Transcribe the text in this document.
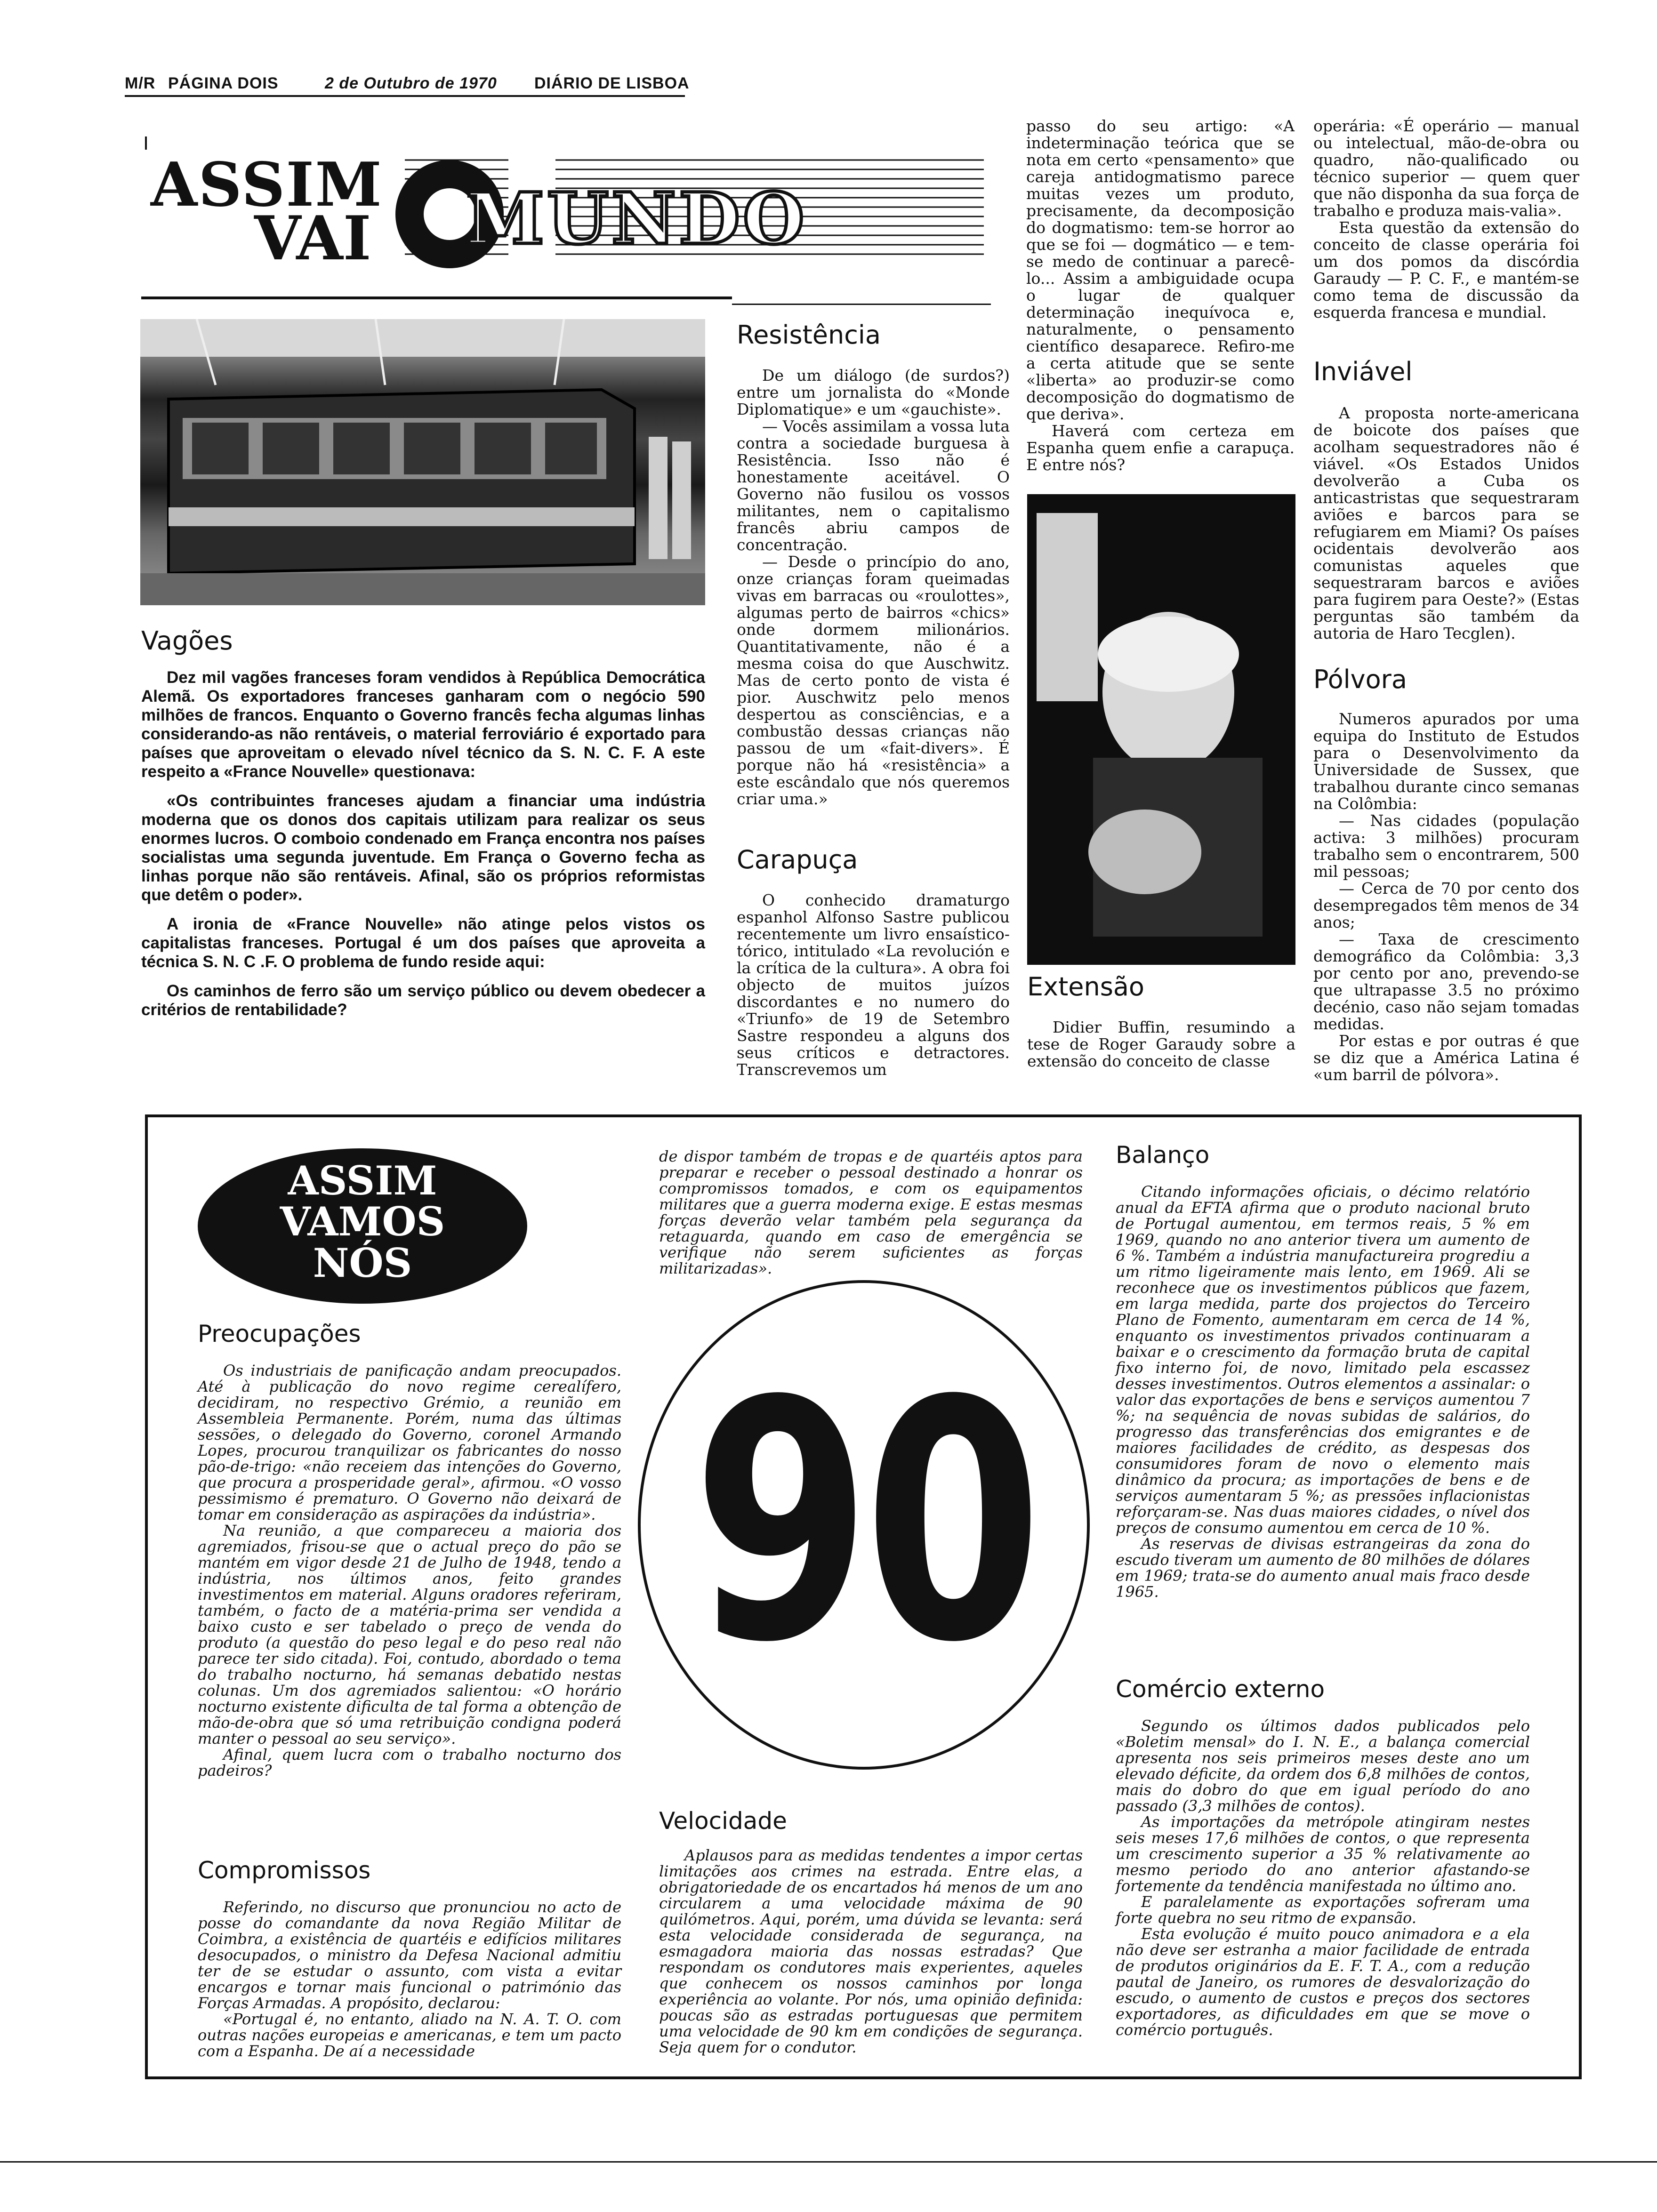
M/R PÁGINA DOIS	2 de Outubro de 1970 DIÁRIO DE LISBOA
ASSIM
VAI MUNDO
Vagões

Dez mil vagões franceses foram vendidos à República Democrática Alemã. Os exportadores franceses ganharam com o negócio 590 milhões de francos. Enquanto o Governo francês fecha algumas linhas considerando-as não rentáveis, o material ferroviário é exportado para países que aproveitam o elevado nível técnico da S. N. C. F. A este respeito a «France Nouvelle» questionava:

«Os contribuintes franceses ajudam a financiar uma indústria moderna que os donos dos capitais utilizam para realizar os seus enormes lucros. O comboio condenado em França encontra nos países socialistas uma segunda juventude. Em França o Governo fecha as linhas porque não são rentáveis. Afinal, são os próprios reformistas que detêm o poder».

A ironia de «France Nouvelle» não atinge pelos vistos os capitalistas franceses. Portugal é um dos países que aproveita a técnica S. N. C .F. O problema de fundo reside aqui:

Os caminhos de ferro são um serviço público ou devem obedecer a critérios de rentabilidade?

Resistência

De um diálogo (de surdos?) entre um jornalista do «Monde Diplomatique» e um «gauchiste».

— Vocês assimilam a vossa luta contra a sociedade burguesa à Resistência. Isso não é honestamente aceitável. O Governo não fusilou os vossos militantes, nem o capitalismo francês abriu campos de concentração.

— Desde o princípio do ano, onze crianças foram queimadas vivas em barracas ou «roulottes», algumas perto de bairros «chics» onde dormem milionários. Quantitativamente, não é a mesma coisa do que Auschwitz. Mas de certo ponto de vista é pior. Auschwitz pelo menos despertou as consciências, e a combustão dessas crianças não passou de um «fait-divers». É porque não há «resistência» a este escândalo que nós queremos criar uma.»

Carapuça

O conhecido dramaturgo espanhol Alfonso Sastre publicou recentemente um livro ensaístico-tórico, intitulado «La revolución e la crítica de la cultura». A obra foi objecto de muitos juízos discordantes e no numero do «Triunfo» de 19 de Setembro Sastre respondeu a alguns dos seus críticos e detractores. Transcrevemos um

passo do seu artigo: «A indeterminação teórica que se nota em certo «pensamento» que careja antidogmatismo parece muitas vezes um produto, precisamente, da decomposição do dogmatismo: tem-se horror ao que se foi — dogmático — e tem-se medo de continuar a parecê-lo... Assim a ambiguidade ocupa o lugar de qualquer determinação inequívoca e, naturalmente, o pensamento científico desaparece. Refiro-me a certa atitude que se sente «liberta» ao produzir-se como decomposição do dogmatismo de que deriva».

Haverá com certeza em Espanha quem enfie a carapuça. E entre nós?

Extensão

Didier Buffin, resumindo a tese de Roger Garaudy sobre a extensão do conceito de classe

operária: «É operário — manual ou intelectual, mão-de-obra ou quadro, não-qualificado ou técnico superior — quem quer que não disponha da sua força de trabalho e produza mais-valia».

Esta questão da extensão do conceito de classe operária foi um dos pomos da discórdia Garaudy — P. C. F., e mantém-se como tema de discussão da esquerda francesa e mundial.

Inviável

A proposta norte-americana de boicote dos países que acolham sequestradores não é viável. «Os Estados Unidos devolverão a Cuba os anticastristas que sequestraram aviões e barcos para se refugiarem em Miami? Os países ocidentais devolverão aos comunistas aqueles que sequestraram barcos e aviões para fugirem para Oeste?» (Estas perguntas são também da autoria de Haro Tecglen).

Pólvora

Numeros apurados por uma equipa do Instituto de Estudos para o Desenvolvimento da Universidade de Sussex, que trabalhou durante cinco semanas na Colômbia:

— Nas cidades (população activa: 3 milhões) procuram trabalho sem o encontrarem, 500 mil pessoas;

— Cerca de 70 por cento dos desempregados têm menos de 34 anos;

— Taxa de crescimento demográfico da Colômbia: 3,3 por cento por ano, prevendo-se que ultrapasse 3.5 no próximo decénio, caso não sejam tomadas medidas.

Por estas e por outras é que se diz que a América Latina é «um barril de pólvora».

ASSIM
VAMOS
NÓS
Preocupações

Os industriais de panificação andam preocupados. Até à publicação do novo regime cerealífero, decidiram, no respectivo Grémio, a reunião em Assembleia Permanente. Porém, numa das últimas sessões, o delegado do Governo, coronel Armando Lopes, procurou tranquilizar os fabricantes do nosso pão-de-trigo: «não receiem das intenções do Governo, que procura a prosperidade geral», afirmou. «O vosso pessimismo é prematuro. O Governo não deixará de tomar em consideração as aspirações da indústria».

Na reunião, a que compareceu a maioria dos agremiados, frisou-se que o actual preço do pão se mantém em vigor desde 21 de Julho de 1948, tendo a indústria, nos últimos anos, feito grandes investimentos em material. Alguns oradores referiram, também, o facto de a matéria-prima ser vendida a baixo custo e ser tabelado o preço de venda do produto (a questão do peso legal e do peso real não parece ter sido citada). Foi, contudo, abordado o tema do trabalho nocturno, há semanas debatido nestas colunas. Um dos agremiados salientou: «O horário nocturno existente dificulta de tal forma a obtenção de mão-de-obra que só uma retribuição condigna poderá manter o pessoal ao seu serviço».

Afinal, quem lucra com o trabalho nocturno dos padeiros?

Compromissos

Referindo, no discurso que pronunciou no acto de posse do comandante da nova Região Militar de Coimbra, a existência de quartéis e edifícios militares desocupados, o ministro da Defesa Nacional admitiu ter de se estudar o assunto, com vista a evitar encargos e tornar mais funcional o património das Forças Armadas. A propósito, declarou:

«Portugal é, no entanto, aliado na N. A. T. O. com outras nações europeias e americanas, e tem um pacto com a Espanha. De aí a necessidade

de dispor também de tropas e de quartéis aptos para preparar e receber o pessoal destinado a honrar os compromissos tomados, e com os equipamentos militares que a guerra moderna exige. E estas mesmas forças deverão velar também pela segurança da retaguarda, quando em caso de emergência se verifique não serem suficientes as forças militarizadas».

90
Velocidade

Aplausos para as medidas tendentes a impor certas limitações aos crimes na estrada. Entre elas, a obrigatoriedade de os encartados há menos de um ano circularem a uma velocidade máxima de 90 quilómetros. Aqui, porém, uma dúvida se levanta: será esta velocidade considerada de segurança, na esmagadora maioria das nossas estradas? Que respondam os condutores mais experientes, aqueles que conhecem os nossos caminhos por longa experiência ao volante. Por nós, uma opinião definida: poucas são as estradas portuguesas que permitem uma velocidade de 90 km em condições de segurança. Seja quem for o condutor.

Balanço

Citando informações oficiais, o décimo relatório anual da EFTA afirma que o produto nacional bruto de Portugal aumentou, em termos reais, 5 % em 1969, quando no ano anterior tivera um aumento de 6 %. Também a indústria manufactureira progrediu a um ritmo ligeiramente mais lento, em 1969. Ali se reconhece que os investimentos públicos que fazem, em larga medida, parte dos projectos do Terceiro Plano de Fomento, aumentaram em cerca de 14 %, enquanto os investimentos privados continuaram a baixar e o crescimento da formação bruta de capital fixo interno foi, de novo, limitado pela escassez desses investimentos. Outros elementos a assinalar: o valor das exportações de bens e serviços aumentou 7 %; na sequência de novas subidas de salários, do progresso das transferências dos emigrantes e de maiores facilidades de crédito, as despesas dos consumidores foram de novo o elemento mais dinâmico da procura; as importações de bens e de serviços aumentaram 5 %; as pressões inflacionistas reforçaram-se. Nas duas maiores cidades, o nível dos preços de consumo aumentou em cerca de 10 %.

As reservas de divisas estrangeiras da zona do escudo tiveram um aumento de 80 milhões de dólares em 1969; trata-se do aumento anual mais fraco desde 1965.

Comércio externo

Segundo os últimos dados publicados pelo «Boletim mensal» do I. N. E., a balança comercial apresenta nos seis primeiros meses deste ano um elevado déficite, da ordem dos 6,8 milhões de contos, mais do dobro do que em igual período do ano passado (3,3 milhões de contos).

As importações da metrópole atingiram nestes seis meses 17,6 milhões de contos, o que representa um crescimento superior a 35 % relativamente ao mesmo periodo do ano anterior afastando-se fortemente da tendência manifestada no último ano.

E paralelamente as exportações sofreram uma forte quebra no seu ritmo de expansão.

Esta evolução é muito pouco animadora e a ela não deve ser estranha a maior facilidade de entrada de produtos originários da E. F. T. A., com a redução pautal de Janeiro, os rumores de desvalorização do escudo, o aumento de custos e preços dos sectores exportadores, as dificuldades em que se move o comércio português.
